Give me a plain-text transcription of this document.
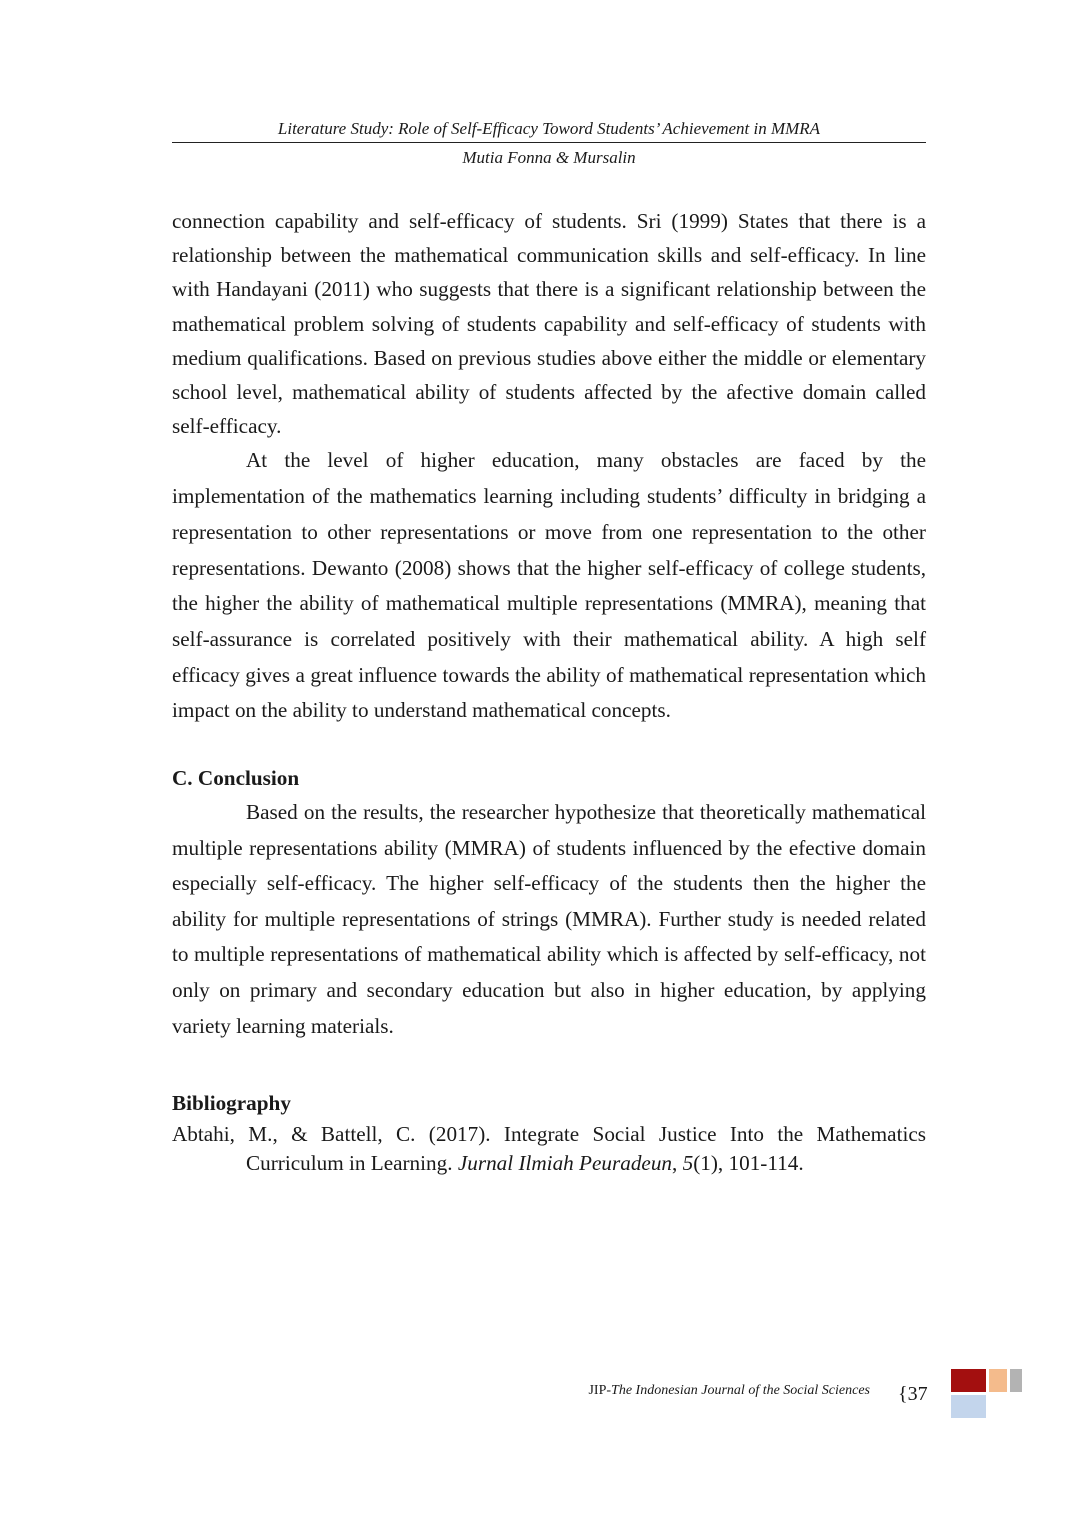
Literature Study: Role of Self-Efficacy Toword Students’ Achievement in MMRA
Mutia Fonna & Mursalin

connection capability and self-efficacy of students. Sri (1999) States that there is a relationship between the mathematical communication skills and self-efficacy. In line with Handayani (2011) who suggests that there is a significant relationship between the mathematical problem solving of students capability and self-efficacy of students with medium qualifications. Based on previous studies above either the middle or elementary school level, mathematical ability of students affected by the afective domain called self-efficacy.

At the level of higher education, many obstacles are faced by the implementation of the mathematics learning including students’ difficulty in bridging a representation to other representations or move from one representation to the other representations. Dewanto (2008) shows that the higher self-efficacy of college students, the higher the ability of mathematical multiple representations (MMRA), meaning that self-assurance is correlated positively with their mathematical ability. A high self efficacy gives a great influence towards the ability of mathematical representation which impact on the ability to understand mathematical concepts.

C. Conclusion

Based on the results, the researcher hypothesize that theoretically mathematical multiple representations ability (MMRA) of students influenced by the efective domain especially self-efficacy. The higher self-efficacy of the students then the higher the ability for multiple representations of strings (MMRA). Further study is needed related to multiple representations of mathematical ability which is affected by self-efficacy, not only on primary and secondary education but also in higher education, by applying variety learning materials.

Bibliography

Abtahi, M., & Battell, C. (2017). Integrate Social Justice Into the Mathematics Curriculum in Learning. Jurnal Ilmiah Peuradeun, 5(1), 101-114.

JIP-The Indonesian Journal of the Social Sciences {37
